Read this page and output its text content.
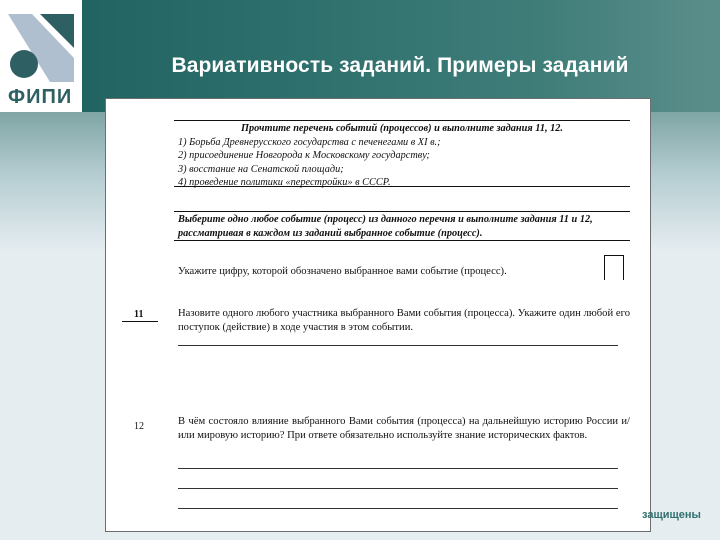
ФИПИ
Вариативность заданий. Примеры заданий
Прочтите перечень событий (процессов) и выполните задания 11, 12.
1) Борьба Древнерусского государства с печенегами в XI в.;
2) присоединение Новгорода к Московскому государству;
3) восстание на Сенатской площади;
4) проведение политики «перестройки» в СССР.
Выберите одно любое событие (процесс) из данного перечня и выполните задания 11 и 12, рассматривая в каждом из заданий выбранное событие (процесс).
Укажите цифру, которой обозначено выбранное вами событие (процесс).
11	Назовите одного любого участника выбранного Вами события (процесса). Укажите один любой его поступок (действие) в ходе участия в этом событии.
12	В чём состояло влияние выбранного Вами события (процесса) на дальнейшую историю России и/или мировую историю? При ответе обязательно используйте знание исторических фактов.
защищены
